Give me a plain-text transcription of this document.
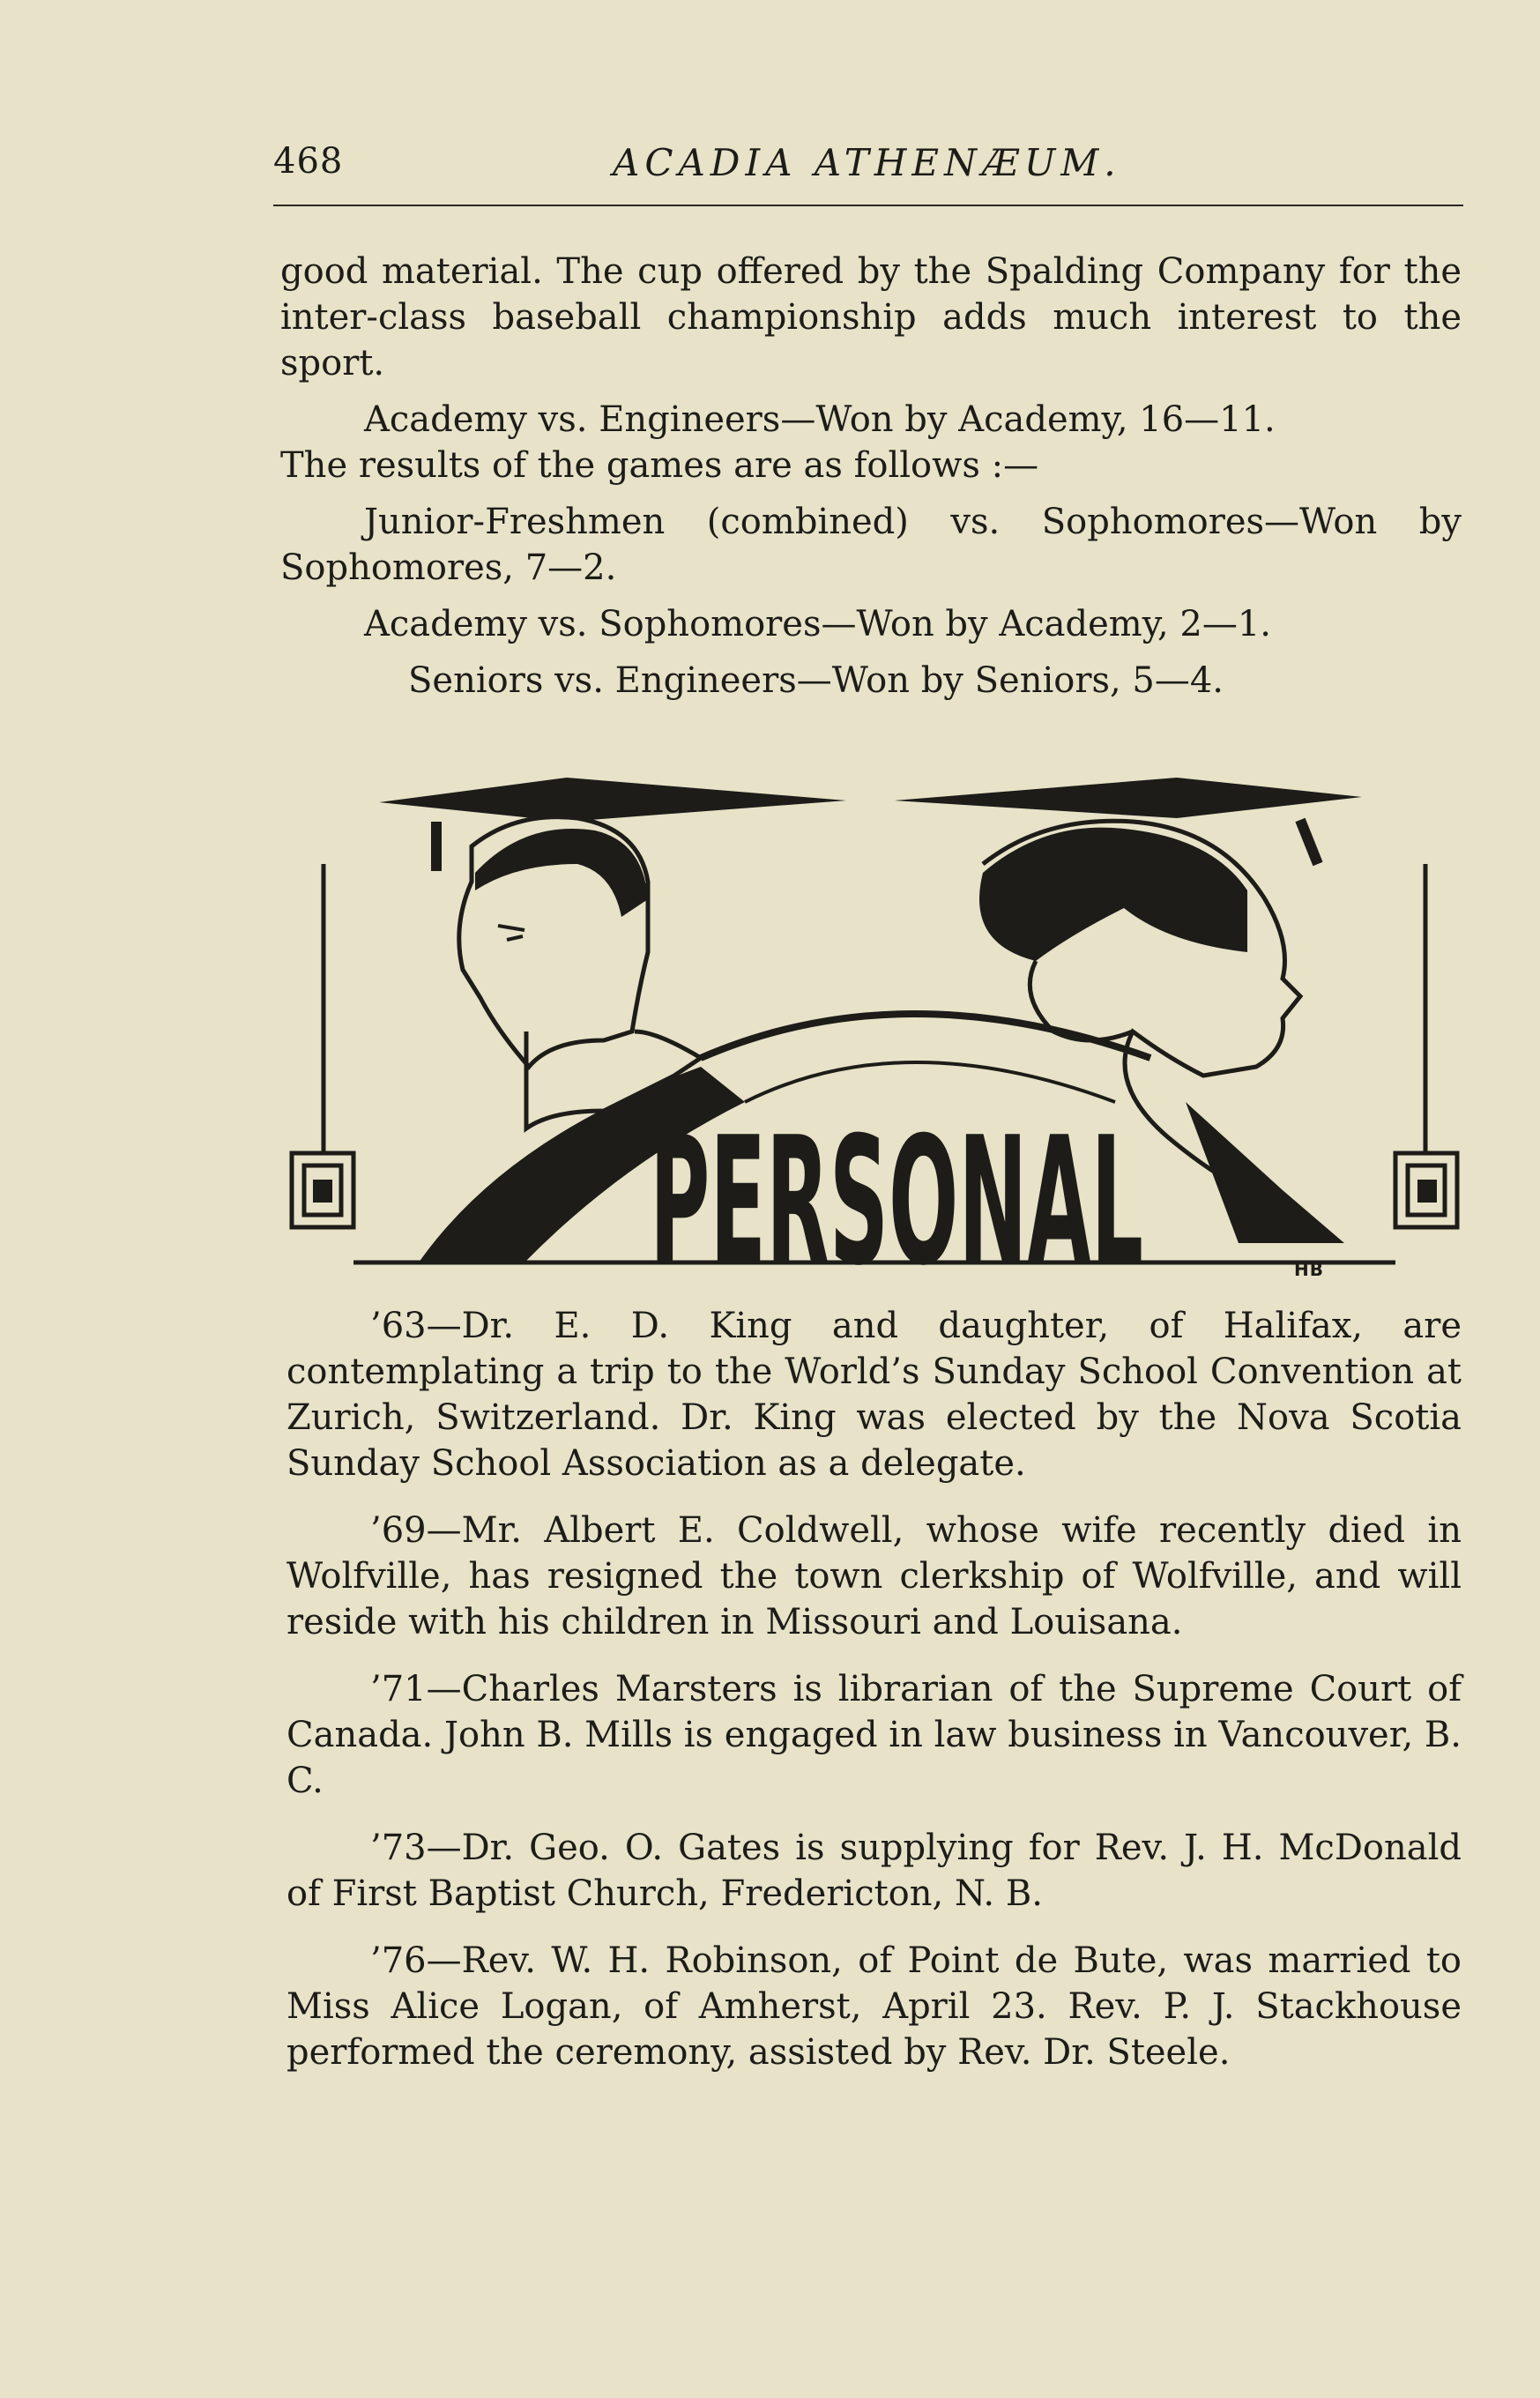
468	ACADIA ATHENÆUM.

good material. The cup offered by the Spalding Company for the inter-class baseball championship adds much interest to the sport.

Academy vs. Engineers—Won by Academy, 16—11.

The results of the games are as follows :—

Junior-Freshmen (combined) vs. Sophomores—Won by Sophomores, 7—2.

Academy vs. Sophomores—Won by Academy, 2—1.

Seniors vs. Engineers—Won by Seniors, 5—4.

PERSONAL	HB

’63—Dr. E. D. King and daughter, of Halifax, are contemplating a trip to the World’s Sunday School Convention at Zurich, Switzerland. Dr. King was elected by the Nova Scotia Sunday School Association as a delegate.

’69—Mr. Albert E. Coldwell, whose wife recently died in Wolfville, has resigned the town clerkship of Wolfville, and will reside with his children in Missouri and Louisana.

’71—Charles Marsters is librarian of the Supreme Court of Canada. John B. Mills is engaged in law business in Vancouver, B. C.

’73—Dr. Geo. O. Gates is supplying for Rev. J. H. McDonald of First Baptist Church, Fredericton, N. B.

’76—Rev. W. H. Robinson, of Point de Bute, was married to Miss Alice Logan, of Amherst, April 23. Rev. P. J. Stackhouse performed the ceremony, assisted by Rev. Dr. Steele.
